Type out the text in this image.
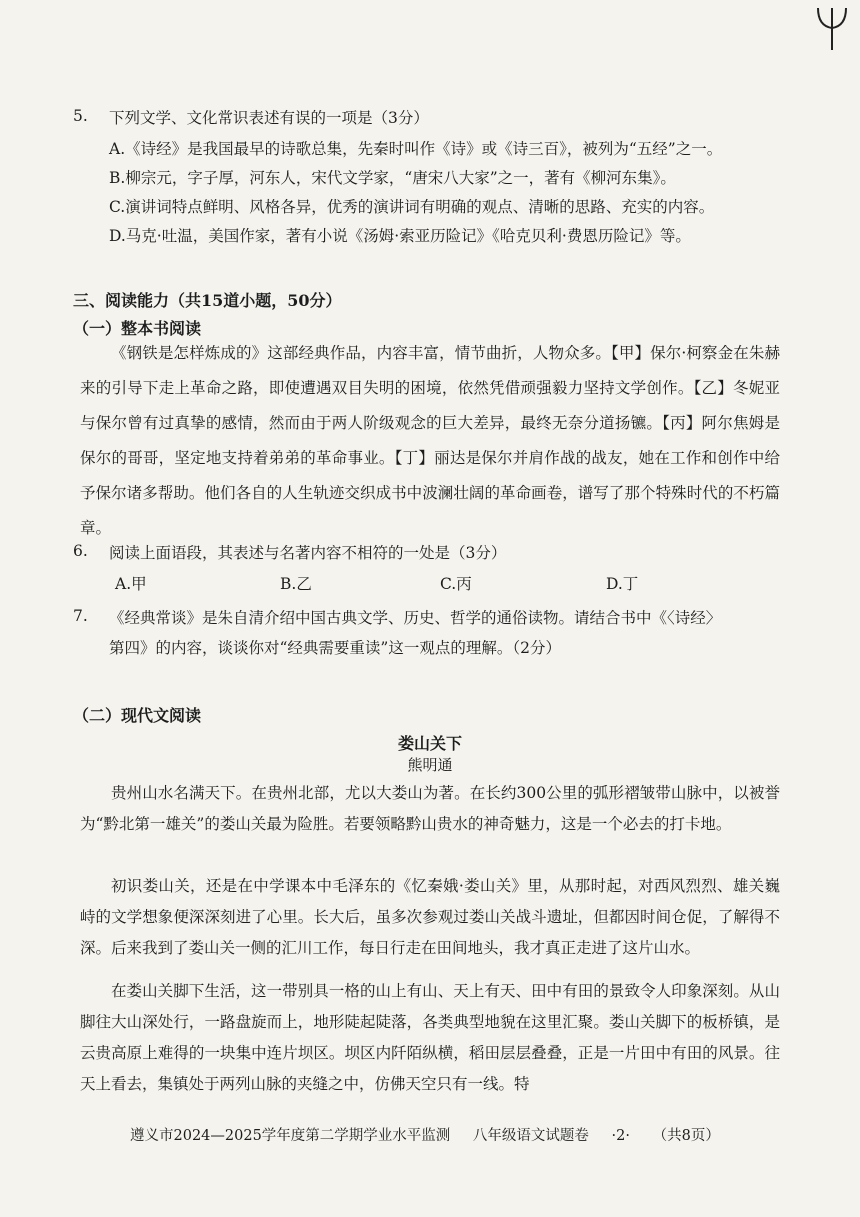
5. 下列文学、文化常识表述有误的一项是（3分）
A.《诗经》是我国最早的诗歌总集，先秦时叫作《诗》或《诗三百》，被列为“五经”之一。
B.柳宗元，字子厚，河东人，宋代文学家，“唐宋八大家”之一，著有《柳河东集》。
C.演讲词特点鲜明、风格各异，优秀的演讲词有明确的观点、清晰的思路、充实的内容。
D.马克·吐温，美国作家，著有小说《汤姆·索亚历险记》《哈克贝利·费恩历险记》等。
三、阅读能力（共15道小题，50分）
（一）整本书阅读
《钢铁是怎样炼成的》这部经典作品，内容丰富，情节曲折，人物众多。【甲】保尔·柯察金在朱赫来的引导下走上革命之路，即使遭遇双目失明的困境，依然凭借顽强毅力坚持文学创作。【乙】冬妮亚与保尔曾有过真挚的感情，然而由于两人阶级观念的巨大差异，最终无奈分道扬镳。【丙】阿尔焦姆是保尔的哥哥，坚定地支持着弟弟的革命事业。【丁】丽达是保尔并肩作战的战友，她在工作和创作中给予保尔诸多帮助。他们各自的人生轨迹交织成书中波澜壮阔的革命画卷，谱写了那个特殊时代的不朽篇章。
6. 阅读上面语段，其表述与名著内容不相符的一处是（3分）
A.甲	B.乙	C.丙	D.丁
7. 《经典常谈》是朱自清介绍中国古典文学、历史、哲学的通俗读物。请结合书中《〈诗经〉
第四》的内容，谈谈你对“经典需要重读”这一观点的理解。（2分）
（二）现代文阅读
娄山关下
熊明通
贵州山水名满天下。在贵州北部，尤以大娄山为著。在长约300公里的弧形褶皱带山脉中，以被誉为“黔北第一雄关”的娄山关最为险胜。若要领略黔山贵水的神奇魅力，这是一个必去的打卡地。
初识娄山关，还是在中学课本中毛泽东的《忆秦娥·娄山关》里，从那时起，对西风烈烈、雄关巍峙的文学想象便深深刻进了心里。长大后，虽多次参观过娄山关战斗遗址，但都因时间仓促，了解得不深。后来我到了娄山关一侧的汇川工作，每日行走在田间地头，我才真正走进了这片山水。
在娄山关脚下生活，这一带别具一格的山上有山、天上有天、田中有田的景致令人印象深刻。从山脚往大山深处行，一路盘旋而上，地形陡起陡落，各类典型地貌在这里汇聚。娄山关脚下的板桥镇，是云贵高原上难得的一块集中连片坝区。坝区内阡陌纵横，稻田层层叠叠，正是一片田中有田的风景。往天上看去，集镇处于两列山脉的夹缝之中，仿佛天空只有一线。特
遵义市2024—2025学年度第二学期学业水平监测 八年级语文试题卷 ·2· （共8页）
